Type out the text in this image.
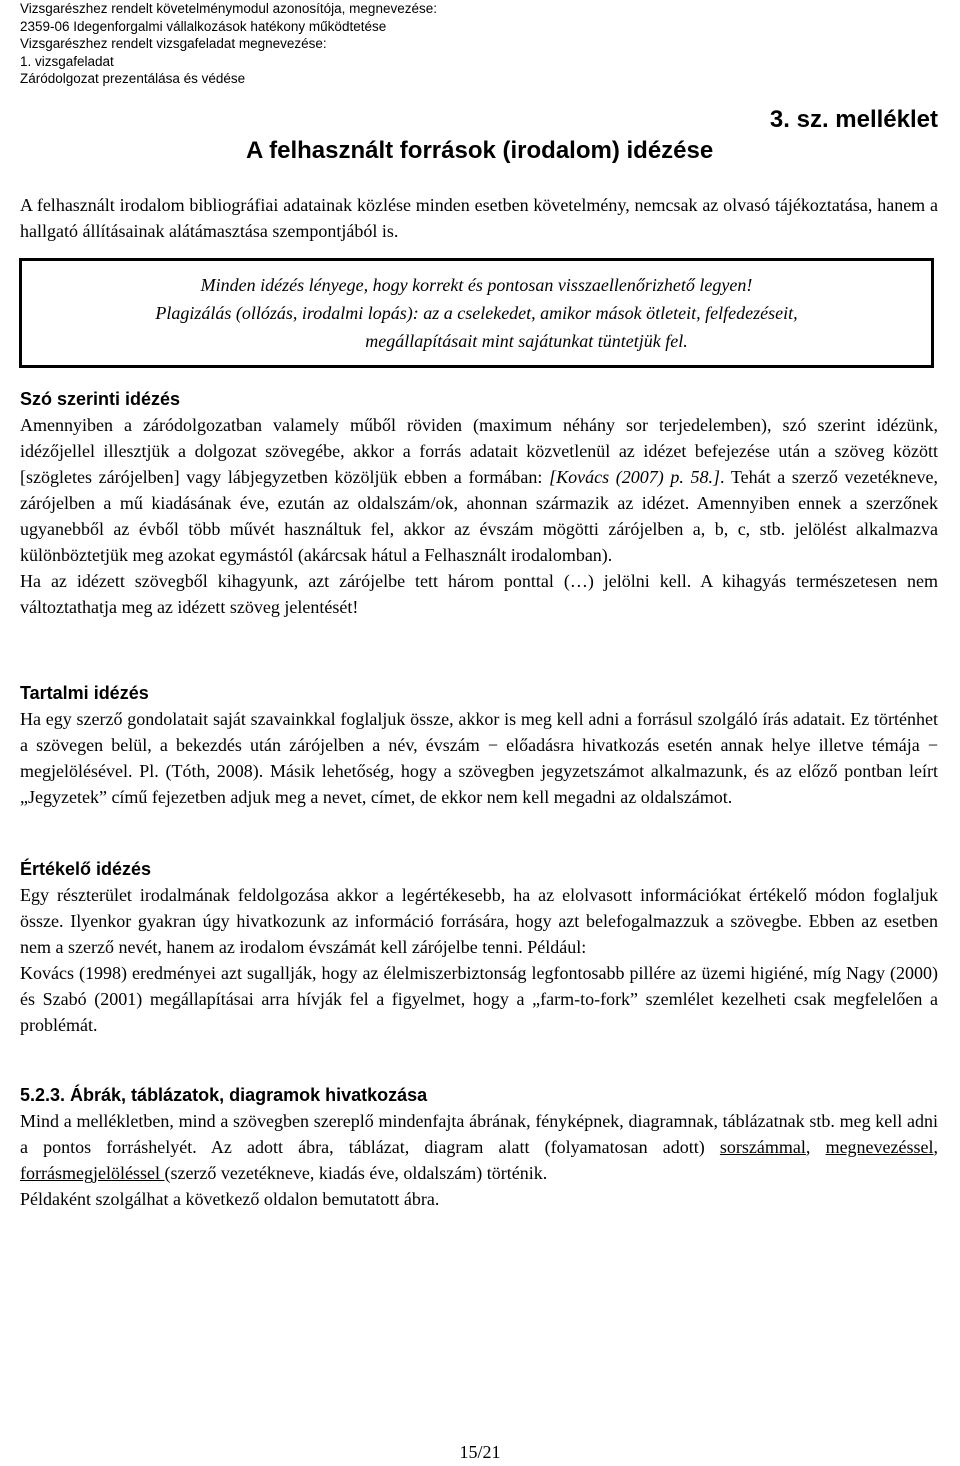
Vizsgarészhez rendelt követelménymodul azonosítója, megnevezése:
2359-06 Idegenforgalmi vállalkozások hatékony működtetése
Vizsgarészhez rendelt vizsgafeladat megnevezése:
1. vizsgafeladat
Záródolgozat prezentálása és védése
3. sz. melléklet
A felhasznált források (irodalom) idézése
A felhasznált irodalom bibliográfiai adatainak közlése minden esetben követelmény, nemcsak az olvasó tájékoztatása, hanem a hallgató állításainak alátámasztása szempontjából is.
Minden idézés lényege, hogy korrekt és pontosan visszaellenőrizhető legyen!
Plagizálás (ollózás, irodalmi lopás): az a cselekedet, amikor mások ötleteit, felfedezéseit,
megállapításait mint sajátunkat tüntetjük fel.
Szó szerinti idézés

Amennyiben a záródolgozatban valamely műből röviden (maximum néhány sor terjedelemben), szó szerint idézünk, idézőjellel illesztjük a dolgozat szövegébe, akkor a forrás adatait közvetlenül az idézet befejezése után a szöveg között [szögletes zárójelben] vagy lábjegyzetben közöljük ebben a formában: [Kovács (2007) p. 58.]. Tehát a szerző vezetékneve, zárójelben a mű kiadásának éve, ezután az oldalszám/ok, ahonnan származik az idézet. Amennyiben ennek a szerzőnek ugyanebből az évből több művét használtuk fel, akkor az évszám mögötti zárójelben a, b, c, stb. jelölést alkalmazva különböztetjük meg azokat egymástól (akárcsak hátul a Felhasznált irodalomban).

Ha az idézett szövegből kihagyunk, azt zárójelbe tett három ponttal (…) jelölni kell. A kihagyás természetesen nem változtathatja meg az idézett szöveg jelentését!

Tartalmi idézés

Ha egy szerző gondolatait saját szavainkkal foglaljuk össze, akkor is meg kell adni a forrásul szolgáló írás adatait. Ez történhet a szövegen belül, a bekezdés után zárójelben a név, évszám − előadásra hivatkozás esetén annak helye illetve témája − megjelölésével. Pl. (Tóth, 2008). Másik lehetőség, hogy a szövegben jegyzetszámot alkalmazunk, és az előző pontban leírt „Jegyzetek” című fejezetben adjuk meg a nevet, címet, de ekkor nem kell megadni az oldalszámot.

Értékelő idézés

Egy részterület irodalmának feldolgozása akkor a legértékesebb, ha az elolvasott információkat értékelő módon foglaljuk össze. Ilyenkor gyakran úgy hivatkozunk az információ forrására, hogy azt belefogalmazzuk a szövegbe. Ebben az esetben nem a szerző nevét, hanem az irodalom évszámát kell zárójelbe tenni. Például:

Kovács (1998) eredményei azt sugallják, hogy az élelmiszerbiztonság legfontosabb pillére az üzemi higiéné, míg Nagy (2000) és Szabó (2001) megállapításai arra hívják fel a figyelmet, hogy a „farm-to-fork” szemlélet kezelheti csak megfelelően a problémát.

5.2.3. Ábrák, táblázatok, diagramok hivatkozása

Mind a mellékletben, mind a szövegben szereplő mindenfajta ábrának, fényképnek, diagramnak, táblázatnak stb. meg kell adni a pontos forráshelyét. Az adott ábra, táblázat, diagram alatt (folyamatosan adott) sorszámmal, megnevezéssel, forrásmegjelöléssel (szerző vezetékneve, kiadás éve, oldalszám) történik.

Példaként szolgálhat a következő oldalon bemutatott ábra.

15/21
